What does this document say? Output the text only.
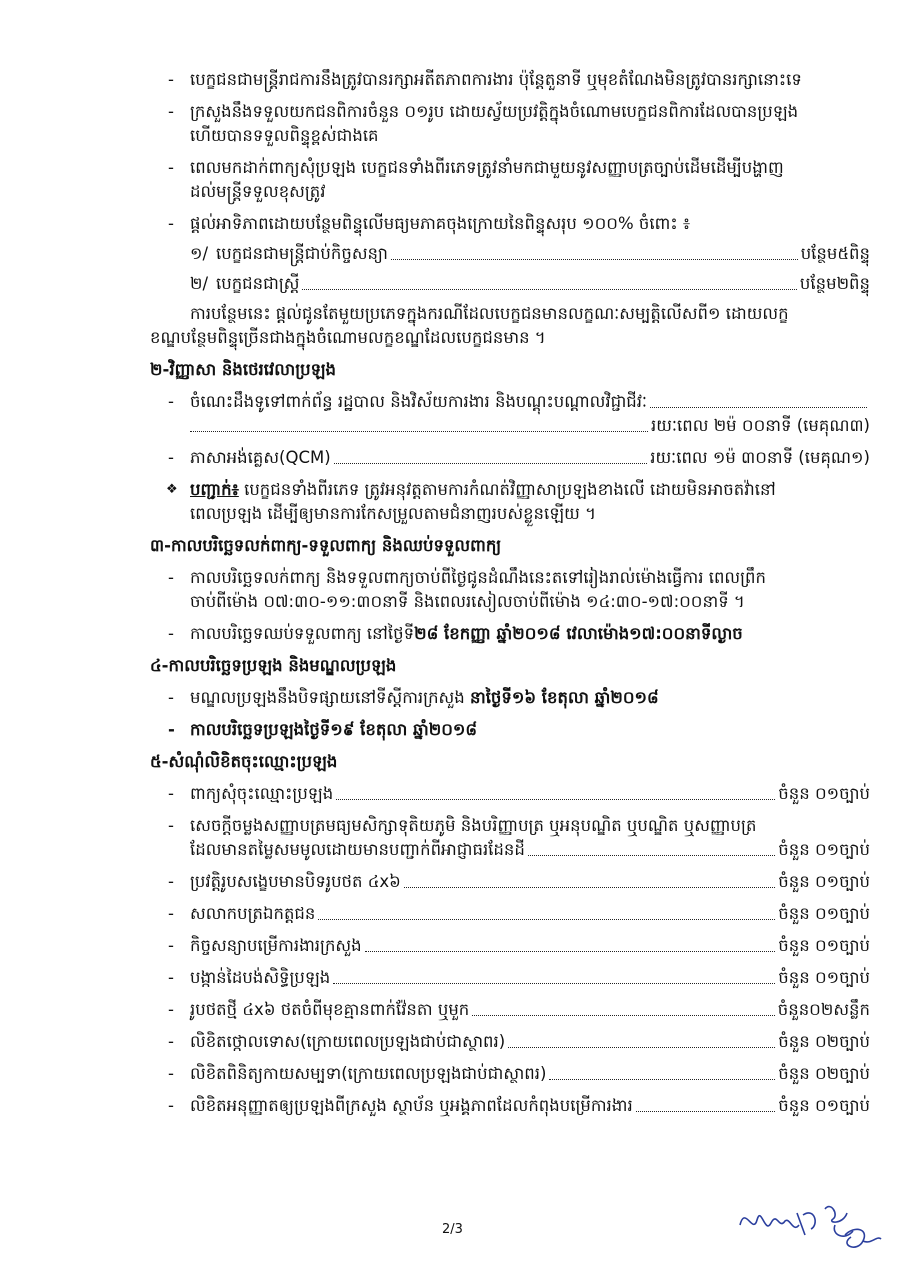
- បេក្ខជនជាមន្ត្រីរាជការនឹងត្រូវបានរក្សាអតីតភាពការងារ ប៉ុន្តែតួនាទី ឬមុខតំណែងមិនត្រូវបានរក្សានោះទេ

- ក្រសួងនឹងទទួលយកជនពិការចំនួន ០១រូប ដោយស្វ័យប្រវត្តិក្នុងចំណោមបេក្ខជនពិការដែលបានប្រឡង

ហើយបានទទួលពិន្ទុខ្ពស់ជាងគេ

- ពេលមកដាក់ពាក្យសុំប្រឡង បេក្ខជនទាំងពីរភេទត្រូវនាំមកជាមួយនូវសញ្ញាបត្រច្បាប់ដើមដើម្បីបង្ហាញ

ដល់មន្ត្រីទទួលខុសត្រូវ

- ផ្តល់អាទិភាពដោយបន្ថែមពិន្ទុលើមធ្យមភាគចុងក្រោយនៃពិន្ទុសរុប ១០០% ចំពោះ ៖

១/ បេក្ខជនជាមន្ត្រីជាប់កិច្ចសន្យា	បន្ថែម៥ពិន្ទុ
២/ បេក្ខជនជាស្ត្រី	បន្ថែម២ពិន្ទុ

ការបន្ថែមនេះ ផ្តល់ជូនតែមួយប្រភេទក្នុងករណីដែលបេក្ខជនមានលក្ខណៈសម្បត្តិលើសពី១ ដោយលក្ខ

ខណ្ឌបន្ថែមពិន្ទុច្រើនជាងក្នុងចំណោមលក្ខខណ្ឌដែលបេក្ខជនមាន ។

២-វិញ្ញាសា និងថេរវេលាប្រឡង

- ចំណេះដឹងទូទៅពាក់ព័ន្ធ រដ្ឋបាល និងវិស័យការងារ និងបណ្តុះបណ្តាលវិជ្ជាជីវៈ
រយៈពេល ២ម៉ ០០នាទី (មេគុណ៣)
- ភាសាអង់គ្លេស(QCM)	រយៈពេល ១ម៉ ៣០នាទី (មេគុណ១)

❖ បញ្ជាក់៖ បេក្ខជនទាំងពីរភេទ ត្រូវអនុវត្តតាមការកំណត់វិញ្ញាសាប្រឡងខាងលើ ដោយមិនអាចតវ៉ានៅ

ពេលប្រឡង ដើម្បីឲ្យមានការកែសម្រួលតាមជំនាញរបស់ខ្លួនឡើយ ។

៣-កាលបរិច្ឆេទលក់ពាក្យ-ទទួលពាក្យ និងឈប់ទទួលពាក្យ

- កាលបរិច្ឆេទលក់ពាក្យ និងទទួលពាក្យចាប់ពីថ្ងៃជូនដំណឹងនេះតទៅរៀងរាល់ម៉ោងធ្វើការ ពេលព្រឹក

ចាប់ពីម៉ោង ០៧:៣០-១១:៣០នាទី និងពេលរសៀលចាប់ពីម៉ោង ១៤:៣០-១៧:០០នាទី ។

- កាលបរិច្ឆេទឈប់ទទួលពាក្យ នៅថ្ងៃទី២៨ ខែកញ្ញា ឆ្នាំ២០១៨ វេលាម៉ោង១៧:០០នាទីល្ងាច

៤-កាលបរិច្ឆេទប្រឡង និងមណ្ឌលប្រឡង

- មណ្ឌលប្រឡងនឹងបិទផ្សាយនៅទីស្តីការក្រសួង នាថ្ងៃទី១៦ ខែតុលា ឆ្នាំ២០១៨

- កាលបរិច្ឆេទប្រឡងថ្ងៃទី១៩ ខែតុលា ឆ្នាំ២០១៨

៥-សំណុំលិខិតចុះឈ្មោះប្រឡង

- ពាក្យសុំចុះឈ្មោះប្រឡង	ចំនួន ០១ច្បាប់

- សេចក្តីចម្លងសញ្ញាបត្រមធ្យមសិក្សាទុតិយភូមិ និងបរិញ្ញាបត្រ ឬអនុបណ្ឌិត ឬបណ្ឌិត ឬសញ្ញាបត្រ

ដែលមានតម្លៃសមមូលដោយមានបញ្ជាក់ពីអាជ្ញាធរដែនដី	ចំនួន ០១ច្បាប់
- ប្រវត្តិរូបសង្ខេបមានបិទរូបថត ៤x៦	ចំនួន ០១ច្បាប់
- សលាកបត្រឯកត្តជន	ចំនួន ០១ច្បាប់
- កិច្ចសន្យាបម្រើការងារក្រសួង	ចំនួន ០១ច្បាប់
- បង្កាន់ដៃបង់សិទ្ធិប្រឡង	ចំនួន ០១ច្បាប់
- រូបថតថ្មី ៤x៦ ថតចំពីមុខគ្មានពាក់វ៉ែនតា ឬមួក	ចំនួន០២សន្លឹក
- លិខិតថ្កោលទោស(ក្រោយពេលប្រឡងជាប់ជាស្ថាពរ)	ចំនួន ០២ច្បាប់
- លិខិតពិនិត្យកាយសម្បទា(ក្រោយពេលប្រឡងជាប់ជាស្ថាពរ)	ចំនួន ០២ច្បាប់
- លិខិតអនុញ្ញាតឲ្យប្រឡងពីក្រសួង ស្ថាប័ន ឬអង្គភាពដែលកំពុងបម្រើការងារ	ចំនួន ០១ច្បាប់
2/3
